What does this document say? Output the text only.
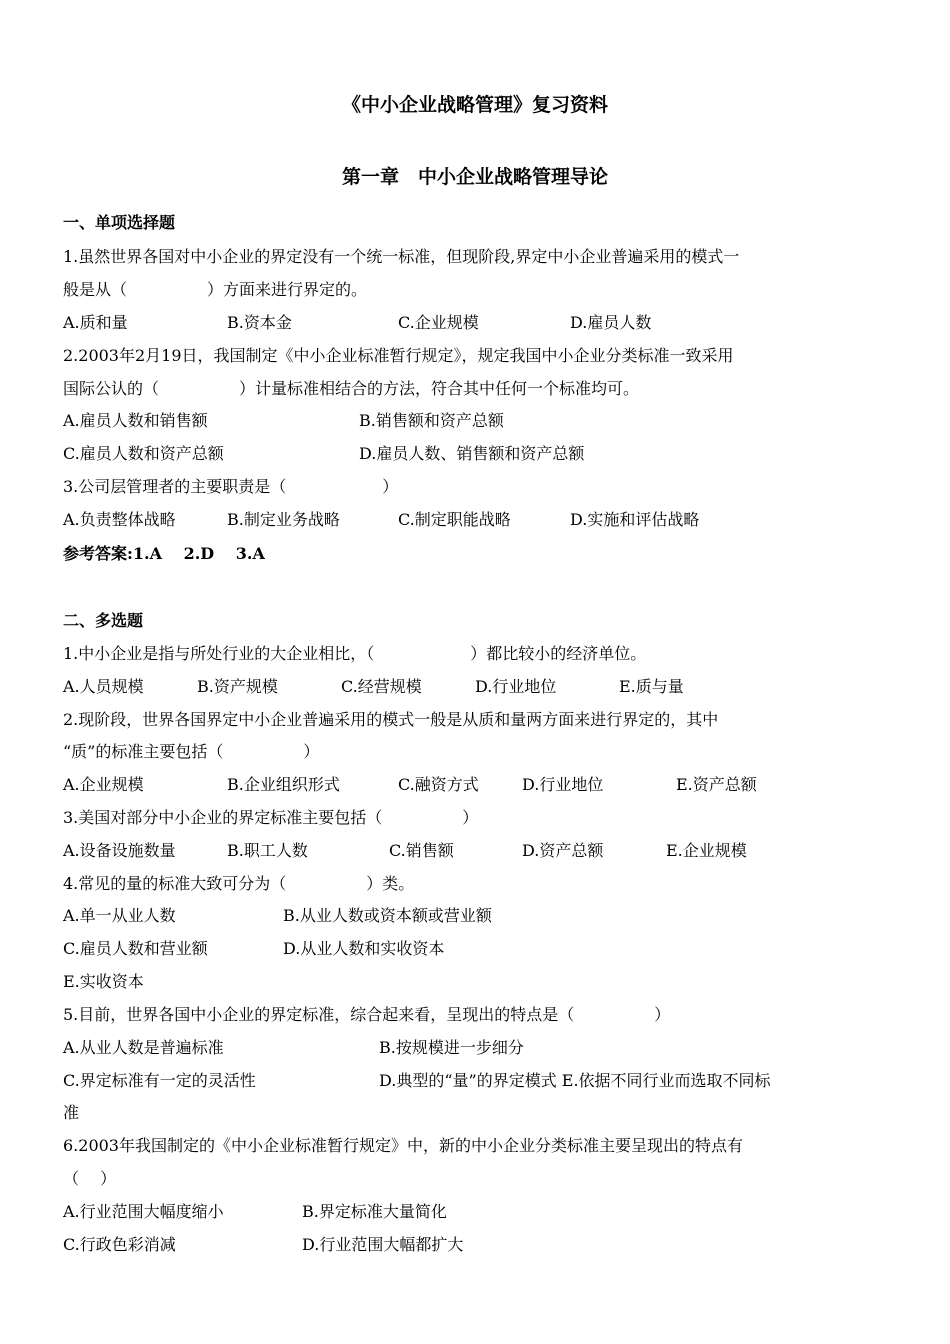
《中小企业战略管理》复习资料
第一章　中小企业战略管理导论
一、单项选择题
1.虽然世界各国对中小企业的界定没有一个统一标准，但现阶段,界定中小企业普遍采用的模式一
般是从（　　　　　）方面来进行界定的。
A.质和量	B.资本金	C.企业规模	D.雇员人数
2.2003年2月19日，我国制定《中小企业标准暂行规定》，规定我国中小企业分类标准一致采用
国际公认的（　　　　　）计量标准相结合的方法，符合其中任何一个标准均可。
A.雇员人数和销售额	B.销售额和资产总额
C.雇员人数和资产总额	D.雇员人数、销售额和资产总额
3.公司层管理者的主要职责是（　　　　　　）
A.负责整体战略	B.制定业务战略	C.制定职能战略	D.实施和评估战略
参考答案:1.A　 2.D　 3.A
二、多选题
1.中小企业是指与所处行业的大企业相比，（　　　　　　）都比较小的经济单位。
A.人员规模	B.资产规模	C.经营规模	D.行业地位	E.质与量
2.现阶段，世界各国界定中小企业普遍采用的模式一般是从质和量两方面来进行界定的，其中
“质”的标准主要包括（　　　　　）
A.企业规模	B.企业组织形式	C.融资方式	D.行业地位	E.资产总额
3.美国对部分中小企业的界定标准主要包括（　　　　　）
A.设备设施数量	B.职工人数	C.销售额	D.资产总额	E.企业规模
4.常见的量的标准大致可分为（　　　　　）类。
A.单一从业人数	B.从业人数或资本额或营业额
C.雇员人数和营业额	D.从业人数和实收资本
E.实收资本
5.目前，世界各国中小企业的界定标准，综合起来看，呈现出的特点是（　　　　　）
A.从业人数是普遍标准	B.按规模进一步细分
C.界定标准有一定的灵活性	D.典型的“量”的界定模式 E.依据不同行业而选取不同标
准
6.2003年我国制定的《中小企业标准暂行规定》中，新的中小企业分类标准主要呈现出的特点有
（　 ）
A.行业范围大幅度缩小	B.界定标准大量简化
C.行政色彩消减	D.行业范围大幅都扩大
